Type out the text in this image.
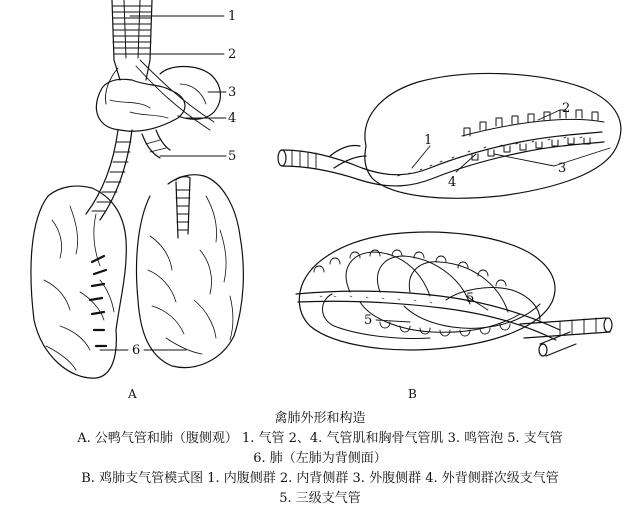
1
2
3
4
5
6
A
1
2
3
4
5
5
B
禽肺外形和构造
A. 公鸭气管和肺（腹侧观） 1. 气管 2、4. 气管肌和胸骨气管肌 3. 鸣管泡 5. 支气管
6. 肺（左肺为背侧面）
B. 鸡肺支气管模式图 1. 内腹侧群 2. 内背侧群 3. 外腹侧群 4. 外背侧群次级支气管
5. 三级支气管
